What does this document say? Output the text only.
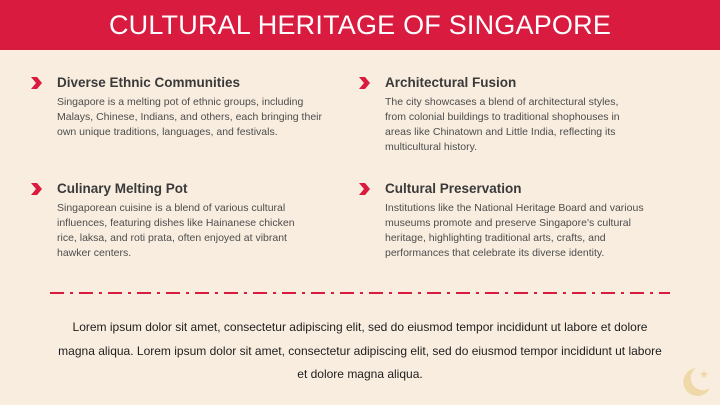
CULTURAL HERITAGE OF SINGAPORE
Diverse Ethnic Communities

Singapore is a melting pot of ethnic groups, including Malays, Chinese, Indians, and others, each bringing their own unique traditions, languages, and festivals.

Architectural Fusion

The city showcases a blend of architectural styles, from colonial buildings to traditional shophouses in areas like Chinatown and Little India, reflecting its multicultural history.

Culinary Melting Pot

Singaporean cuisine is a blend of various cultural influences, featuring dishes like Hainanese chicken rice, laksa, and roti prata, often enjoyed at vibrant hawker centers.

Cultural Preservation

Institutions like the National Heritage Board and various museums promote and preserve Singapore's cultural heritage, highlighting traditional arts, crafts, and performances that celebrate its diverse identity.

Lorem ipsum dolor sit amet, consectetur adipiscing elit, sed do eiusmod tempor incididunt ut labore et dolore magna aliqua. Lorem ipsum dolor sit amet, consectetur adipiscing elit, sed do eiusmod tempor incididunt ut labore et dolore magna aliqua.
